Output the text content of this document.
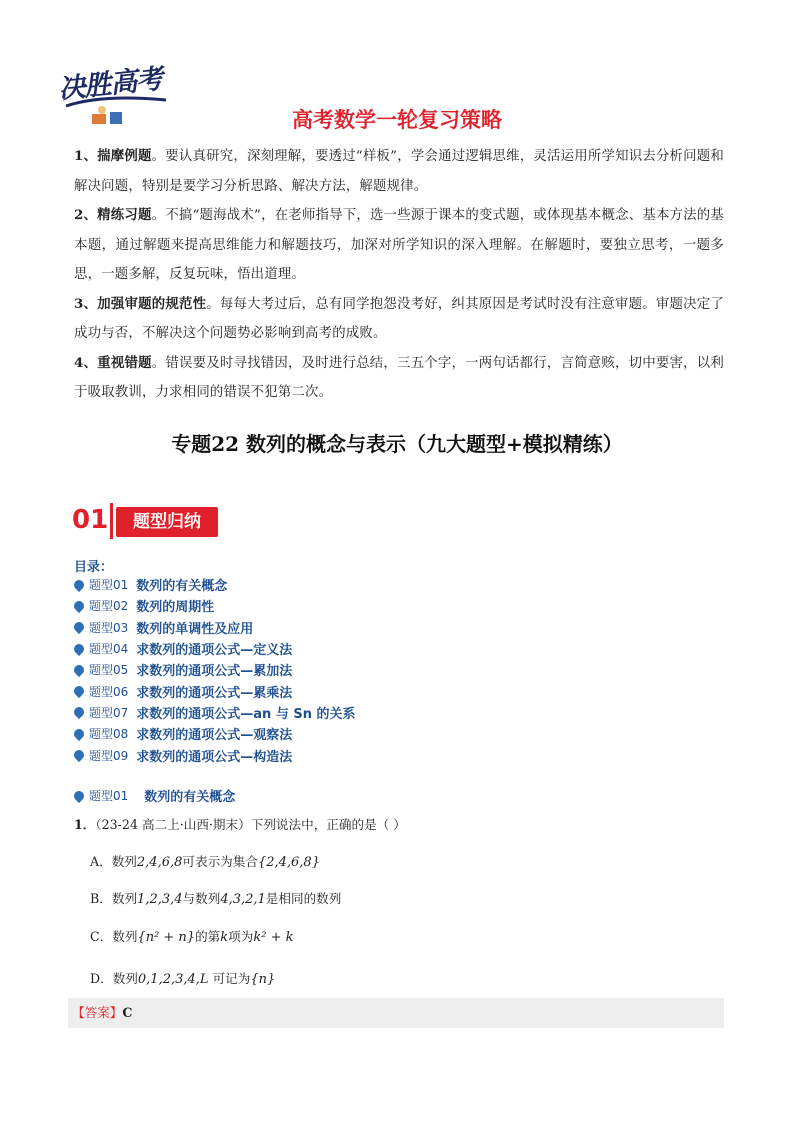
决胜高考
高考数学一轮复习策略

1、揣摩例题。要认真研究，深刻理解，要透过“样板”，学会通过逻辑思维，灵活运用所学知识去分析问题和解决问题，特别是要学习分析思路、解决方法，解题规律。

2、精练习题。不搞“题海战术”，在老师指导下，选一些源于课本的变式题，或体现基本概念、基本方法的基本题，通过解题来提高思维能力和解题技巧，加深对所学知识的深入理解。在解题时，要独立思考，一题多思，一题多解，反复玩味，悟出道理。

3、加强审题的规范性。每每大考过后，总有同学抱怨没考好，纠其原因是考试时没有注意审题。审题决定了成功与否，不解决这个问题势必影响到高考的成败。

4、重视错题。错误要及时寻找错因，及时进行总结，三五个字，一两句话都行，言简意赅，切中要害，以利于吸取教训，力求相同的错误不犯第二次。

专题22 数列的概念与表示（九大题型+模拟精练）
01	题型归纳
目录：
题型01 数列的有关概念
题型02 数列的周期性
题型03 数列的单调性及应用
题型04 求数列的通项公式—定义法
题型05 求数列的通项公式—累加法
题型06 求数列的通项公式—累乘法
题型07 求数列的通项公式—an 与 Sn 的关系
题型08 求数列的通项公式—观察法
题型09 求数列的通项公式—构造法
题型01 数列的有关概念

1．（23-24 高二上·山西·期末）下列说法中，正确的是（ ）

A．数列2,4,6,8可表示为集合{2,4,6,8}
B．数列1,2,3,4与数列4,3,2,1是相同的数列
C．数列{n² + n}的第k项为k² + k
D．数列0,1,2,3,4,L 可记为{n}
【答案】C
